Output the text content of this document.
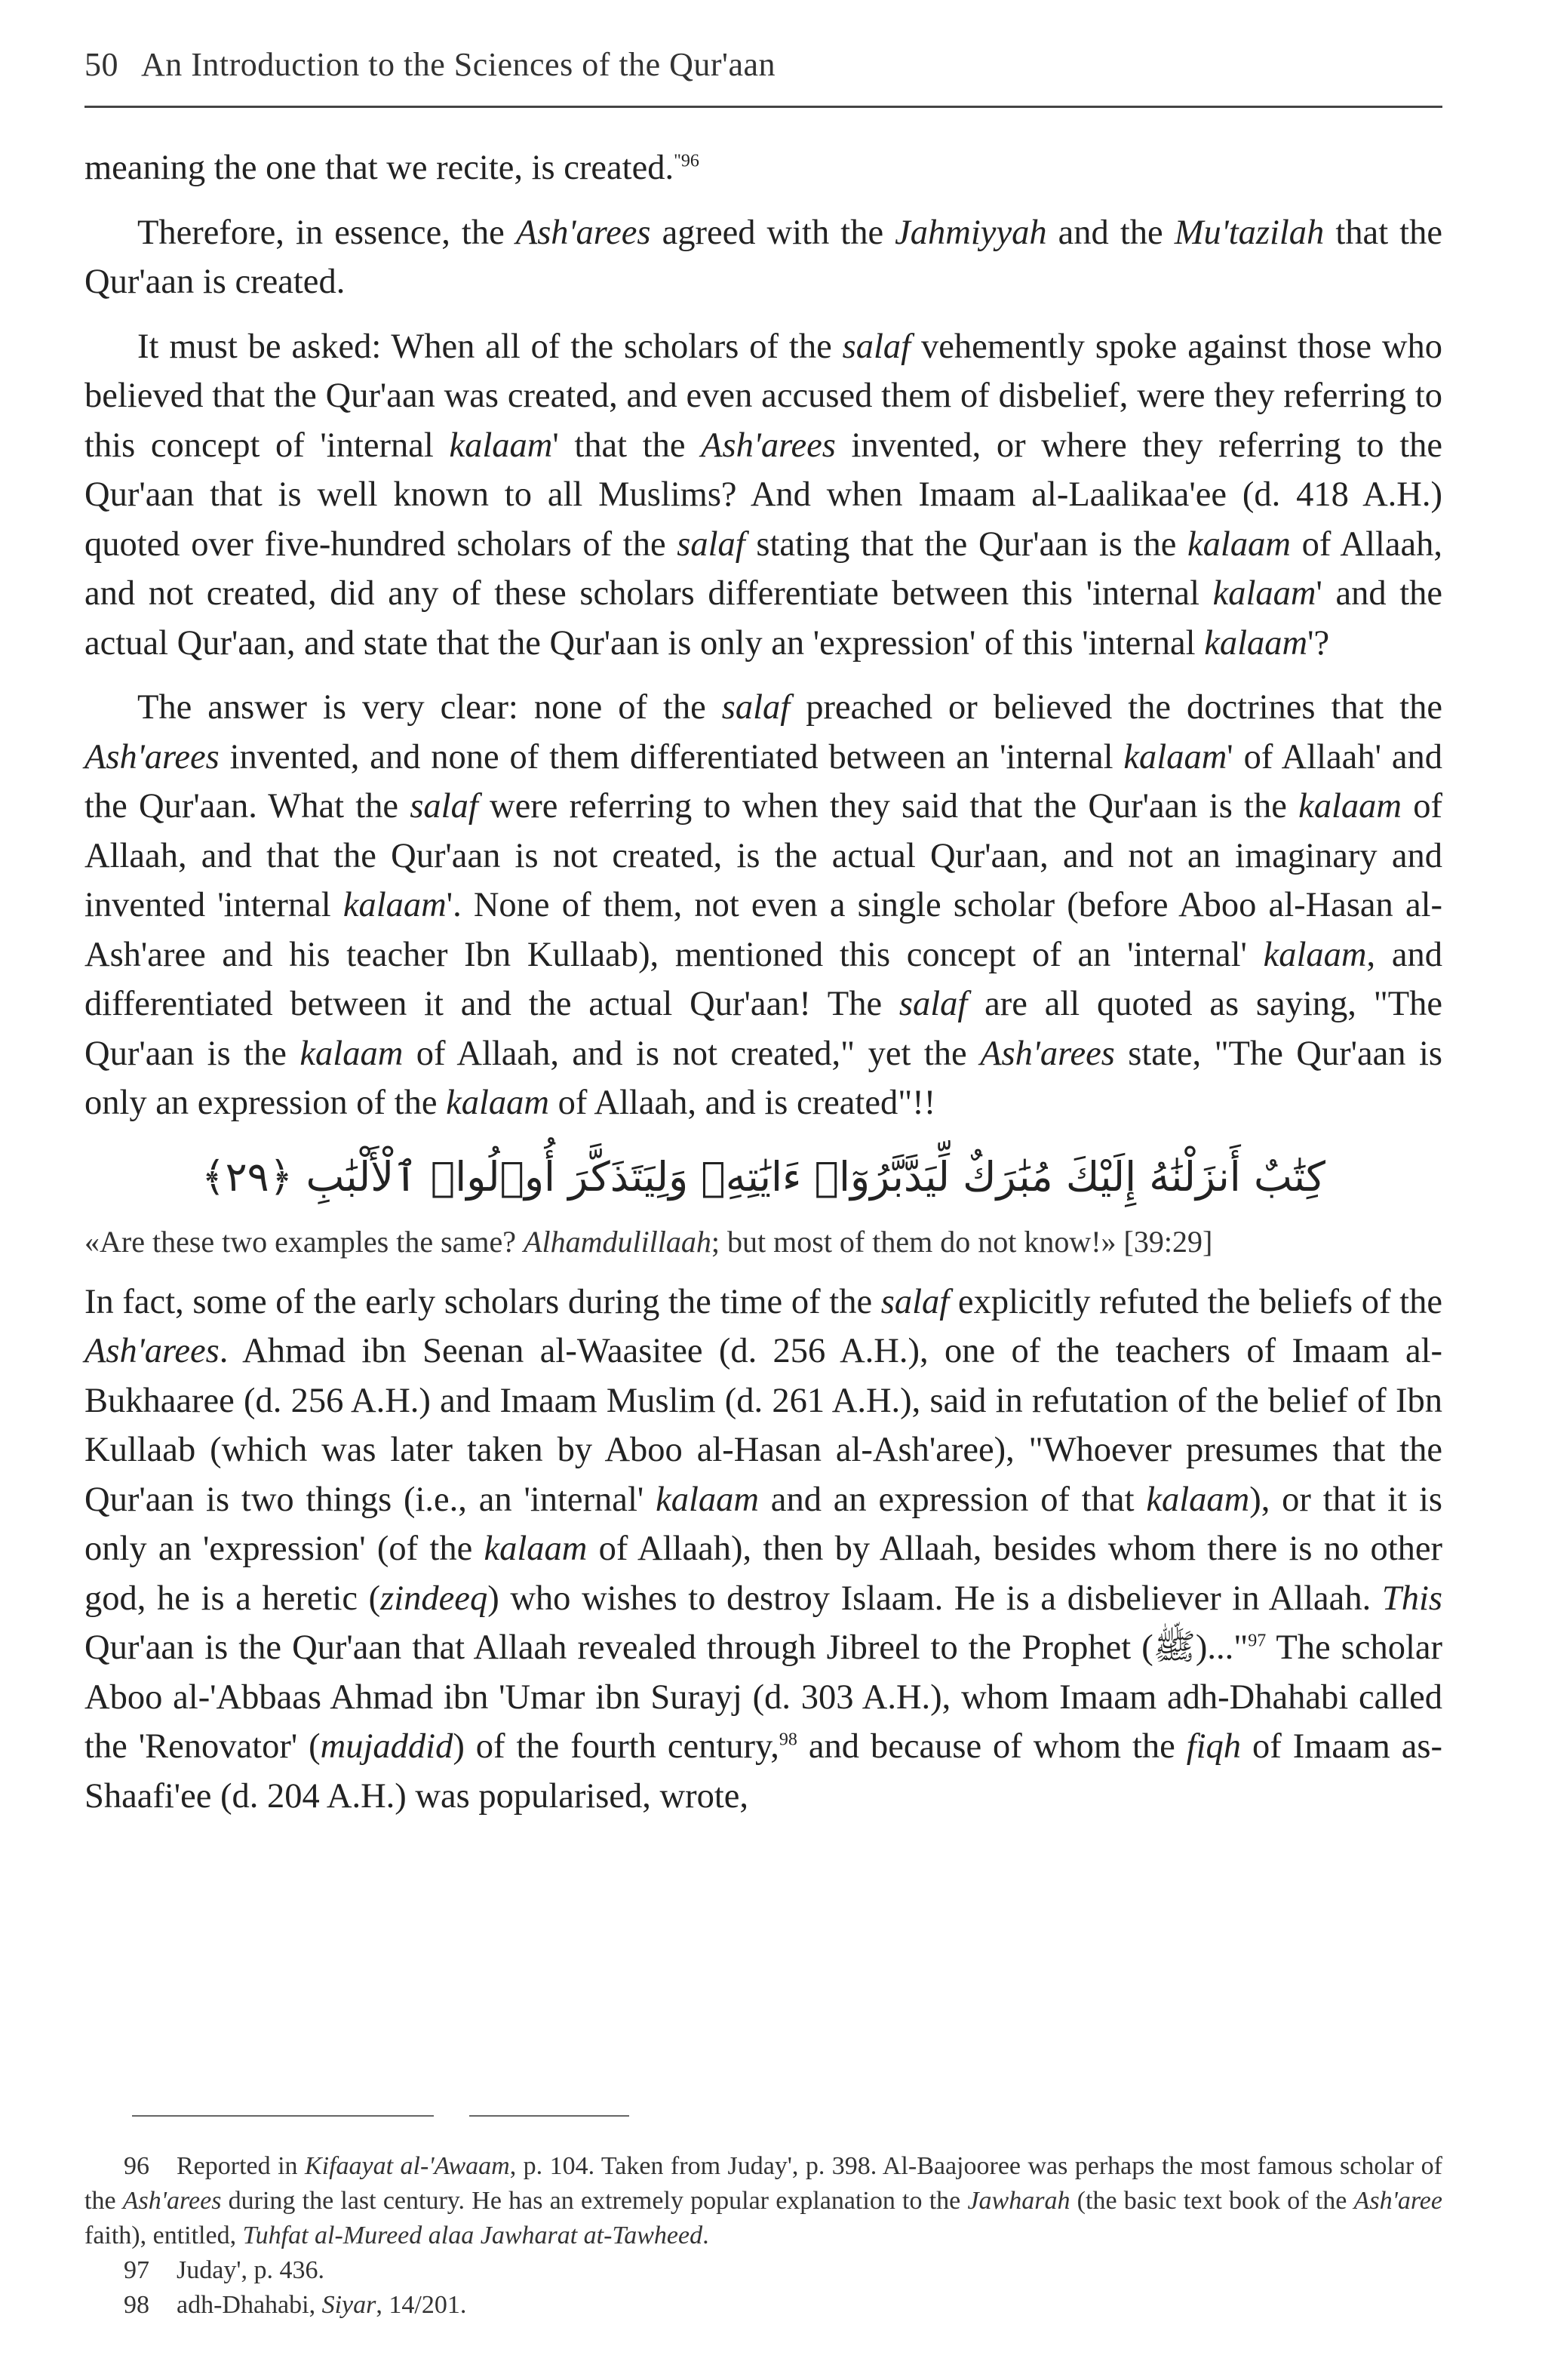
50 An Introduction to the Sciences of the Qur'aan

meaning the one that we recite, is created.$^{"96}$

Therefore, in essence, the Ash'arees agreed with the Jahmiyyah and the Mu'tazilah that the Qur'aan is created.

It must be asked: When all of the scholars of the salaf vehemently spoke against those who believed that the Qur'aan was created, and even accused them of disbelief, were they referring to this concept of 'internal kalaam' that the Ash'arees invented, or where they referring to the Qur'aan that is well known to all Muslims? And when Imaam al-Laalikaa'ee (d. 418 A.H.) quoted over five-hundred scholars of the salaf stating that the Qur'aan is the kalaam of Allaah, and not created, did any of these scholars differentiate between this 'internal kalaam' and the actual Qur'aan, and state that the Qur'aan is only an 'expression' of this 'internal kalaam'?

The answer is very clear: none of the salaf preached or believed the doctrines that the Ash'arees invented, and none of them differentiated between an 'internal kalaam' of Allaah' and the Qur'aan. What the salaf were referring to when they said that the Qur'aan is the kalaam of Allaah, and that the Qur'aan is not created, is the actual Qur'aan, and not an imaginary and invented 'internal kalaam'. None of them, not even a single scholar (before Aboo al-Hasan al-Ash'aree and his teacher Ibn Kullaab), mentioned this concept of an 'internal' kalaam, and differentiated between it and the actual Qur'aan! The salaf are all quoted as saying, "The Qur'aan is the kalaam of Allaah, and is not created," yet the Ash'arees state, "The Qur'aan is only an expression of the kalaam of Allaah, and is created"!!

كِتَٰبٌ أَنزَلْنَٰهُ إِلَيْكَ مُبَٰرَكٌ لِّيَدَّبَّرُوٓا۟ ءَايَٰتِهِۦ وَلِيَتَذَكَّرَ أُو۟لُوا۟ ٱلْأَلْبَٰبِ ﴿٢٩﴾

«Are these two examples the same? Alhamdulillaah; but most of them do not know!» [39:29]

In fact, some of the early scholars during the time of the salaf explicitly refuted the beliefs of the Ash'arees. Ahmad ibn Seenan al-Waasitee (d. 256 A.H.), one of the teachers of Imaam al-Bukhaaree (d. 256 A.H.) and Imaam Muslim (d. 261 A.H.), said in refutation of the belief of Ibn Kullaab (which was later taken by Aboo al-Hasan al-Ash'aree), "Whoever presumes that the Qur'aan is two things (i.e., an 'internal' kalaam and an expression of that kalaam), or that it is only an 'expression' (of the kalaam of Allaah), then by Allaah, besides whom there is no other god, he is a heretic (zindeeq) who wishes to destroy Islaam. He is a disbeliever in Allaah. This Qur'aan is the Qur'aan that Allaah revealed through Jibreel to the Prophet (ﷺ)..."$^{97}$ The scholar Aboo al-'Abbaas Ahmad ibn 'Umar ibn Surayj (d. 303 A.H.), whom Imaam adh-Dhahabi called the 'Renovator' (mujaddid) of the fourth century,$^{98}$ and because of whom the fiqh of Imaam as-Shaafi'ee (d. 204 A.H.) was popularised, wrote,

96 Reported in Kifaayat al-'Awaam, p. 104. Taken from Juday', p. 398. Al-Baajooree was perhaps the most famous scholar of the Ash'arees during the last century. He has an extremely popular explanation to the Jawharah (the basic text book of the Ash'aree faith), entitled, Tuhfat al-Mureed alaa Jawharat at-Tawheed.

97 Juday', p. 436.

98 adh-Dhahabi, Siyar, 14/201.
